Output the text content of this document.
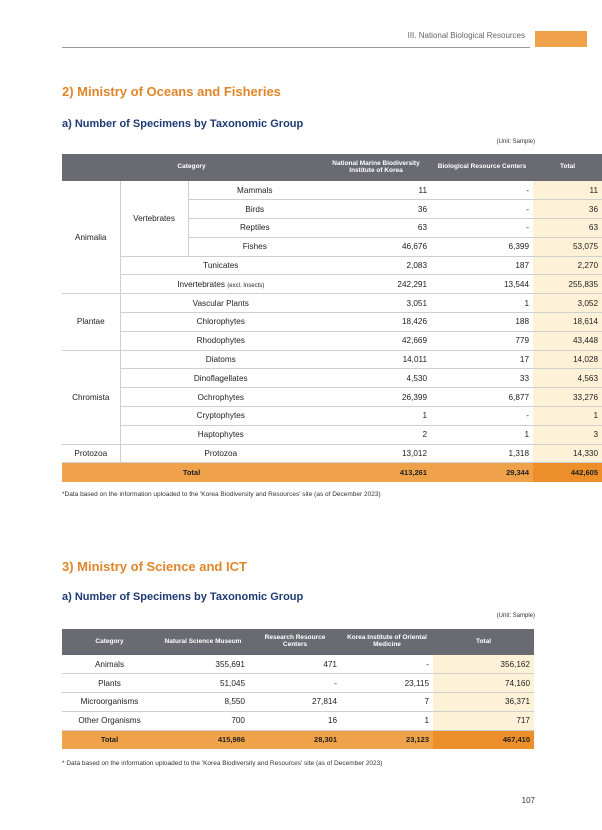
III. National Biological Resources
2) Ministry of Oceans and Fisheries
a) Number of Specimens by Taxonomic Group
(Unit: Sample)
Category			National Marine Biodiversity Institute of Korea	Biological Resource Centers	Total
Animalia	Vertebrates	Mammals	11	-	11
		Birds	36	-	36
		Reptiles	63	-	63
		Fishes	46,676	6,399	53,075
	Tunicates		2,083	187	2,270
	Invertebrates (excl. Insects)		242,291	13,544	255,835
Plantae	Vascular Plants		3,051	1	3,052
	Chlorophytes		18,426	188	18,614
	Rhodophytes		42,669	779	43,448
Chromista	Diatoms		14,011	17	14,028
	Dinoflagellates		4,530	33	4,563
	Ochrophytes		26,399	6,877	33,276
	Cryptophytes		1	-	1
	Haptophytes		2	1	3
Protozoa	Protozoa		13,012	1,318	14,330
Total			413,261	29,344	442,605
*Data based on the information uploaded to the 'Korea Biodiversity and Resources' site (as of December 2023)
3) Ministry of Science and ICT
a) Number of Specimens by Taxonomic Group
(Unit: Sample)
Category	Natural Science Museum	Research Resource Centers	Korea Institute of Oriental Medicine	Total
Animals	355,691	471	-	356,162
Plants	51,045	-	23,115	74,160
Microorganisms	8,550	27,814	7	36,371
Other Organisms	700	16	1	717
Total	415,986	28,301	23,123	467,410
* Data based on the information uploaded to the 'Korea Biodiversity and Resources' site (as of December 2023)
107
